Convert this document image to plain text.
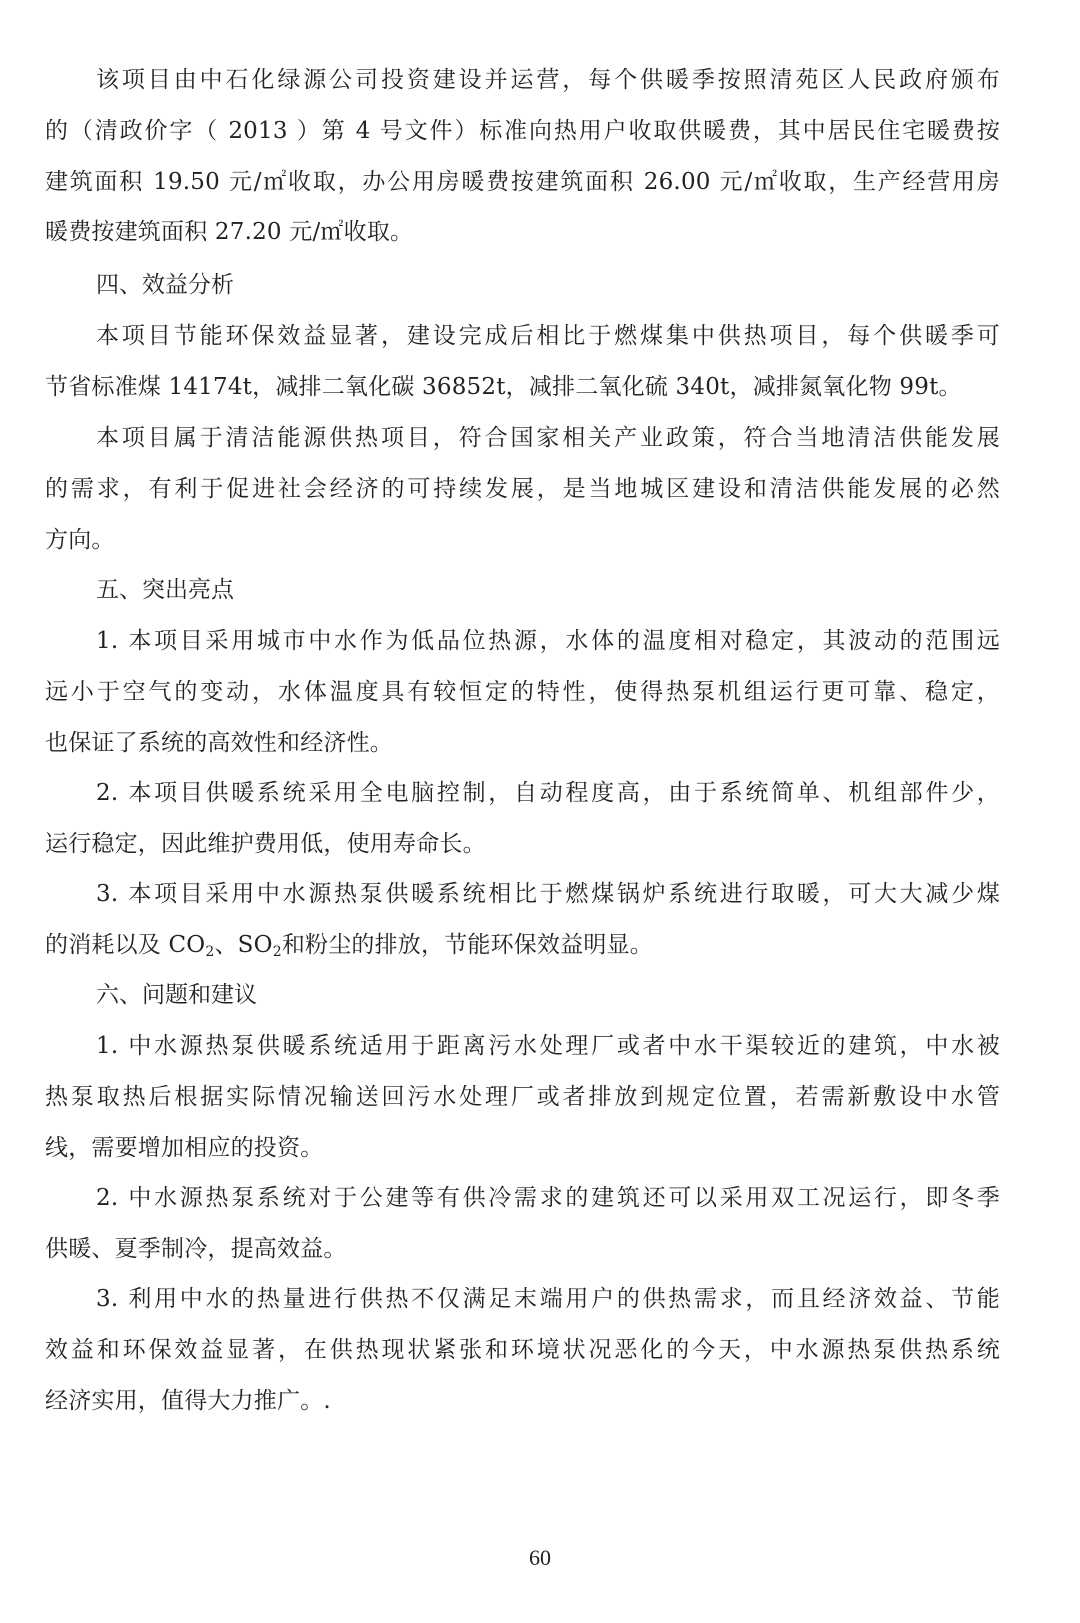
该项目由中石化绿源公司投资建设并运营，每个供暖季按照清苑区人民政府颁布
的（清政价字（ 2013 ）第 4 号文件）标准向热用户收取供暖费，其中居民住宅暖费按
建筑面积 19.50 元/㎡收取，办公用房暖费按建筑面积 26.00 元/㎡收取，生产经营用房
暖费按建筑面积 27.20 元/㎡收取。
四、效益分析
本项目节能环保效益显著，建设完成后相比于燃煤集中供热项目，每个供暖季可
节省标准煤 14174t，减排二氧化碳 36852t，减排二氧化硫 340t，减排氮氧化物 99t。
本项目属于清洁能源供热项目，符合国家相关产业政策，符合当地清洁供能发展
的需求，有利于促进社会经济的可持续发展，是当地城区建设和清洁供能发展的必然
方向。
五、突出亮点
1. 本项目采用城市中水作为低品位热源，水体的温度相对稳定，其波动的范围远
远小于空气的变动，水体温度具有较恒定的特性，使得热泵机组运行更可靠、稳定，
也保证了系统的高效性和经济性。
2. 本项目供暖系统采用全电脑控制，自动程度高，由于系统简单、机组部件少，
运行稳定，因此维护费用低，使用寿命长。
3. 本项目采用中水源热泵供暖系统相比于燃煤锅炉系统进行取暖，可大大减少煤
的消耗以及 $CO_2$、$SO_2$和粉尘的排放，节能环保效益明显。
六、问题和建议
1. 中水源热泵供暖系统适用于距离污水处理厂或者中水干渠较近的建筑，中水被
热泵取热后根据实际情况输送回污水处理厂或者排放到规定位置，若需新敷设中水管
线，需要增加相应的投资。
2. 中水源热泵系统对于公建等有供冷需求的建筑还可以采用双工况运行，即冬季
供暖、夏季制冷，提高效益。
3. 利用中水的热量进行供热不仅满足末端用户的供热需求，而且经济效益、节能
效益和环保效益显著，在供热现状紧张和环境状况恶化的今天，中水源热泵供热系统
经济实用，值得大力推广。.
60
